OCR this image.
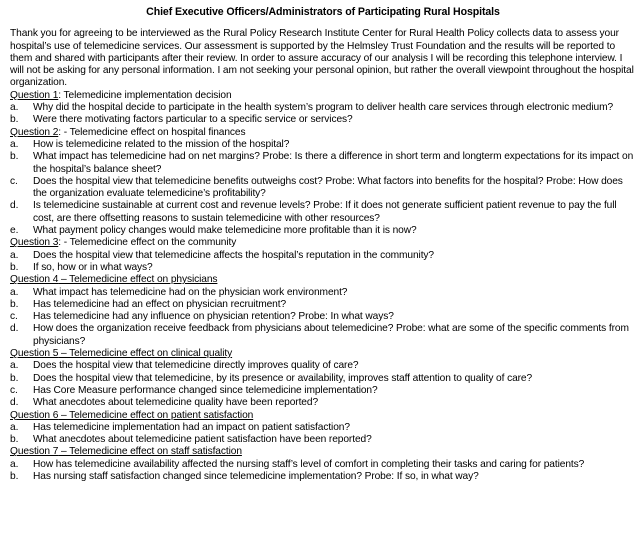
Chief Executive Officers/Administrators of Participating Rural Hospitals

Thank you for agreeing to be interviewed as the Rural Policy Research Institute Center for Rural Health Policy collects data to assess your hospital’s use of telemedicine services. Our assessment is supported by the Helmsley Trust Foundation and the results will be reported to them and shared with participants after their review. In order to assure accuracy of our analysis I will be recording this telephone interview. I will not be asking for any personal information. I am not seeking your personal opinion, but rather the overall viewpoint throughout the hospital organization.

Question 1: Telemedicine implementation decision
a.	Why did the hospital decide to participate in the health system’s program to deliver health care services through electronic medium?
b.	Were there motivating factors particular to a specific service or services?
Question 2: - Telemedicine effect on hospital finances
a.	How is telemedicine related to the mission of the hospital?
b.	What impact has telemedicine had on net margins? Probe: Is there a difference in short term and longterm expectations for its impact on the hospital’s balance sheet?
c.	Does the hospital view that telemedicine benefits outweighs cost? Probe: What factors into benefits for the hospital? Probe: How does the organization evaluate telemedicine’s profitability?
d.	Is telemedicine sustainable at current cost and revenue levels? Probe: If it does not generate sufficient patient revenue to pay the full cost, are there offsetting reasons to sustain telemedicine with other resources?
e.	What payment policy changes would make telemedicine more profitable than it is now?
Question 3: - Telemedicine effect on the community
a.	Does the hospital view that telemedicine affects the hospital’s reputation in the community?
b.	If so, how or in what ways?
Question 4 – Telemedicine effect on physicians
a.	What impact has telemedicine had on the physician work environment?
b.	Has telemedicine had an effect on physician recruitment?
c.	Has telemedicine had any influence on physician retention? Probe: In what ways?
d.	How does the organization receive feedback from physicians about telemedicine? Probe: what are some of the specific comments from physicians?
Question 5 – Telemedicine effect on clinical quality
a.	Does the hospital view that telemedicine directly improves quality of care?
b.	Does the hospital view that telemedicine, by its presence or availability, improves staff attention to quality of care?
c.	Has Core Measure performance changed since telemedicine implementation?
d.	What anecdotes about telemedicine quality have been reported?
Question 6 – Telemedicine effect on patient satisfaction
a.	Has telemedicine implementation had an impact on patient satisfaction?
b.	What anecdotes about telemedicine patient satisfaction have been reported?
Question 7 – Telemedicine effect on staff satisfaction
a.	How has telemedicine availability affected the nursing staff’s level of comfort in completing their tasks and caring for patients?
b.	Has nursing staff satisfaction changed since telemedicine implementation? Probe: If so, in what way?
